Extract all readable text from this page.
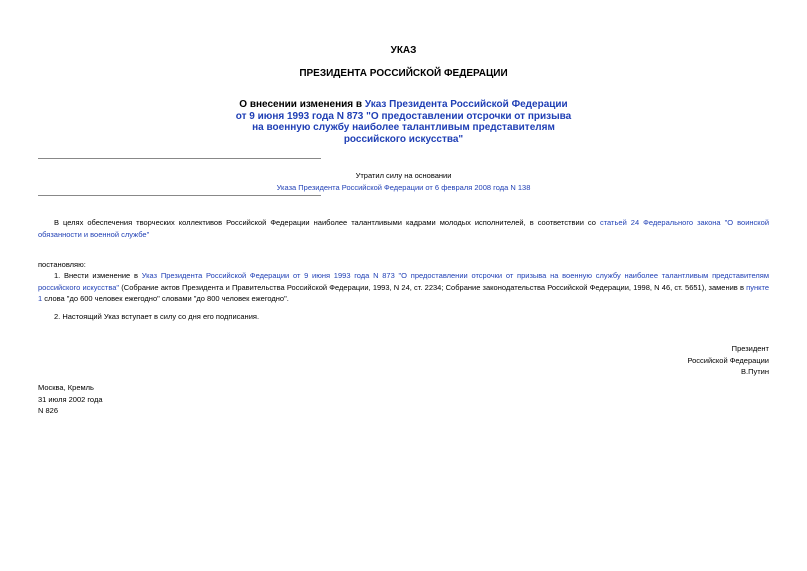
УКАЗ
ПРЕЗИДЕНТА РОССИЙСКОЙ ФЕДЕРАЦИИ
О внесении изменения в Указ Президента Российской Федерации
от 9 июня 1993 года N 873 "О предоставлении отсрочки от призыва
на военную службу наиболее талантливым представителям
российского искусства"
Утратил силу на основании
Указа Президента Российской Федерации от 6 февраля 2008 года N 138
В целях обеспечения творческих коллективов Российской Федерации наиболее талантливыми кадрами молодых исполнителей, в соответствии со статьей 24 Федерального закона "О воинской обязанности и военной службе"
постановляю:
1. Внести изменение в Указ Президента Российской Федерации от 9 июня 1993 года N 873 "О предоставлении отсрочки от призыва на военную службу наиболее талантливым представителям российского искусства" (Собрание актов Президента и Правительства Российской Федерации, 1993, N 24, ст. 2234; Собрание законодательства Российской Федерации, 1998, N 46, ст. 5651), заменив в пункте 1 слова "до 600 человек ежегодно" словами "до 800 человек ежегодно".
2. Настоящий Указ вступает в силу со дня его подписания.
Президент
Российской Федерации
В.Путин
Москва, Кремль
31 июля 2002 года
N 826
